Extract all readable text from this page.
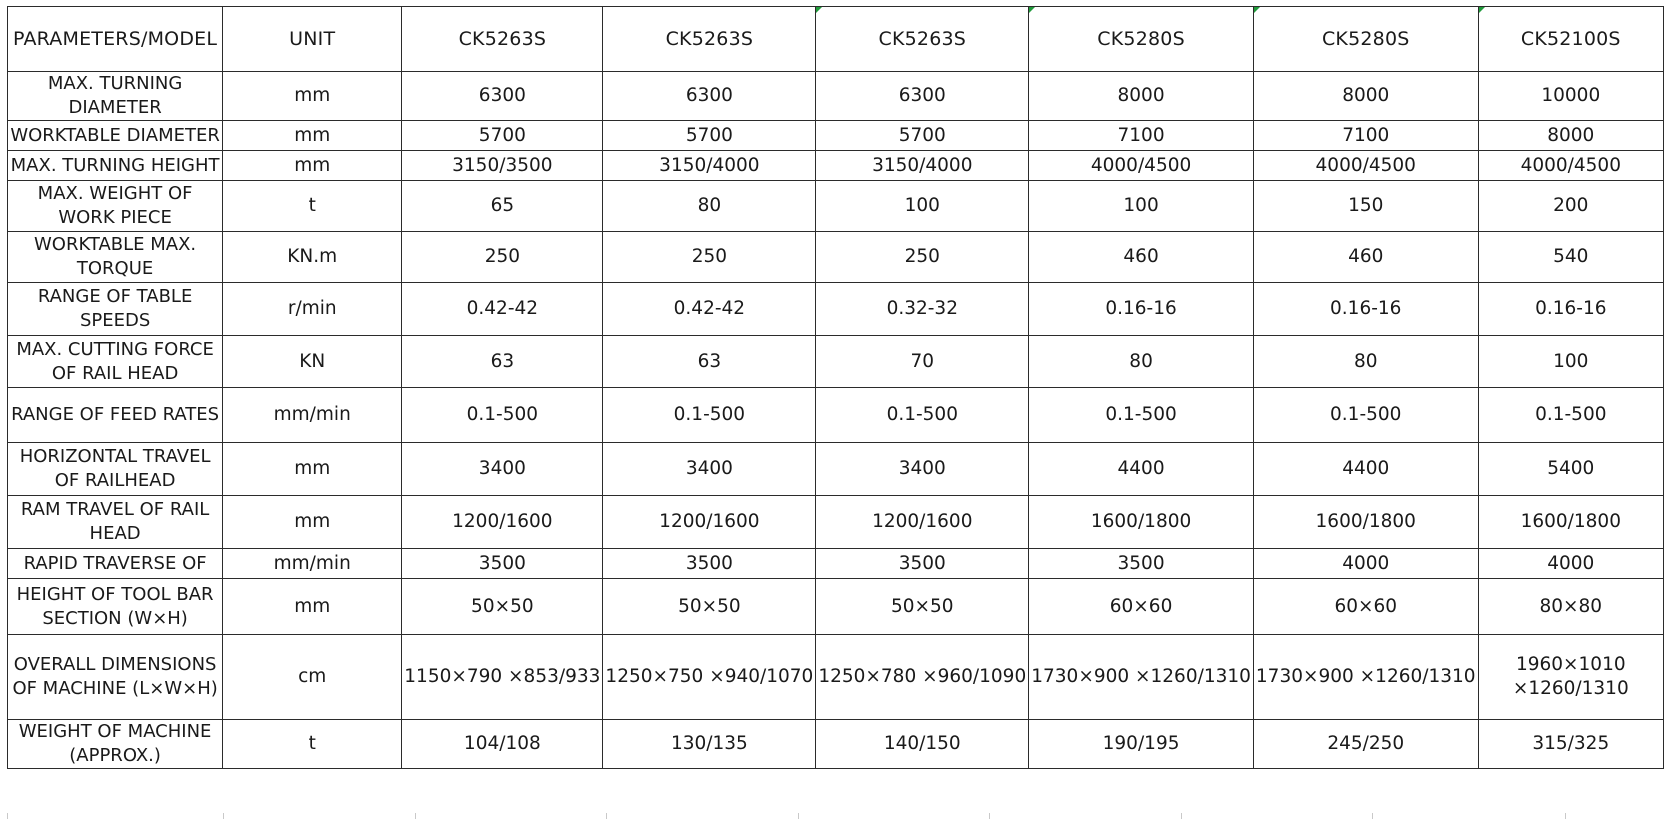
PARAMETERS/MODEL	UNIT	CK5263S	CK5263S	CK5263S	CK5280S	CK5280S	CK52100S
MAX. TURNING DIAMETER	mm	6300	6300	6300	8000	8000	10000
WORKTABLE DIAMETER	mm	5700	5700	5700	7100	7100	8000
MAX. TURNING HEIGHT	mm	3150/3500	3150/4000	3150/4000	4000/4500	4000/4500	4000/4500
MAX. WEIGHT OF WORK PIECE	t	65	80	100	100	150	200
WORKTABLE MAX. TORQUE	KN.m	250	250	250	460	460	540
RANGE OF TABLE SPEEDS	r/min	0.42-42	0.42-42	0.32-32	0.16-16	0.16-16	0.16-16
MAX. CUTTING FORCE OF RAIL HEAD	KN	63	63	70	80	80	100
RANGE OF FEED RATES	mm/min	0.1-500	0.1-500	0.1-500	0.1-500	0.1-500	0.1-500
HORIZONTAL TRAVEL OF RAILHEAD	mm	3400	3400	3400	4400	4400	5400
RAM TRAVEL OF RAIL HEAD	mm	1200/1600	1200/1600	1200/1600	1600/1800	1600/1800	1600/1800
RAPID TRAVERSE OF	mm/min	3500	3500	3500	3500	4000	4000
HEIGHT OF TOOL BAR SECTION (W×H)	mm	50×50	50×50	50×50	60×60	60×60	80×80
OVERALL DIMENSIONS OF MACHINE (L×W×H)	cm	1150×790 ×853/933	1250×750 ×940/1070	1250×780 ×960/1090	1730×900 ×1260/1310	1730×900 ×1260/1310	1960×1010 ×1260/1310
WEIGHT OF MACHINE (APPROX.)	t	104/108	130/135	140/150	190/195	245/250	315/325
